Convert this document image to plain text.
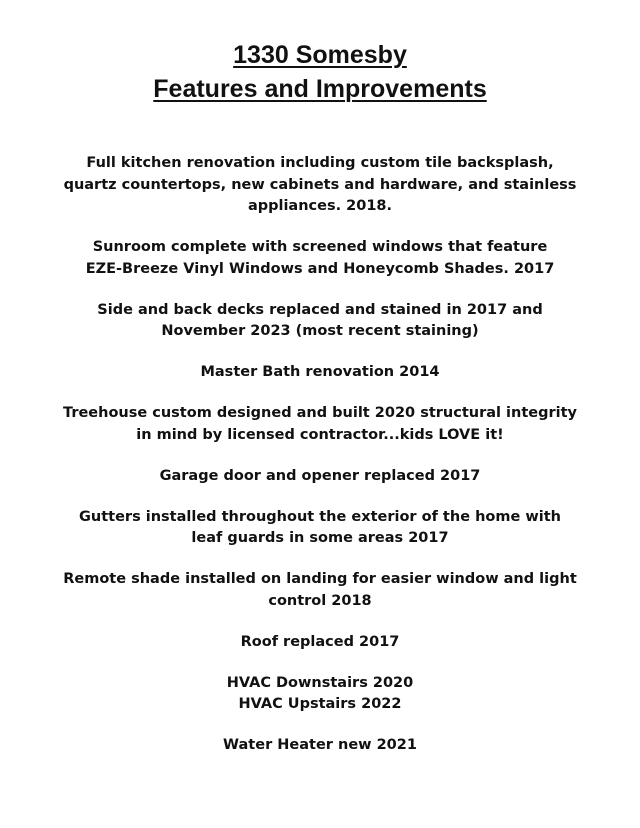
1330 Somesby
Features and Improvements

Full kitchen renovation including custom tile backsplash,
quartz countertops, new cabinets and hardware, and stainless
appliances. 2018.

Sunroom complete with screened windows that feature
EZE-Breeze Vinyl Windows and Honeycomb Shades. 2017

Side and back decks replaced and stained in 2017 and
November 2023 (most recent staining)

Master Bath renovation 2014

Treehouse custom designed and built 2020 structural integrity
in mind by licensed contractor...kids LOVE it!

Garage door and opener replaced 2017

Gutters installed throughout the exterior of the home with
leaf guards in some areas 2017

Remote shade installed on landing for easier window and light
control 2018

Roof replaced 2017

HVAC Downstairs 2020
HVAC Upstairs 2022

Water Heater new 2021
